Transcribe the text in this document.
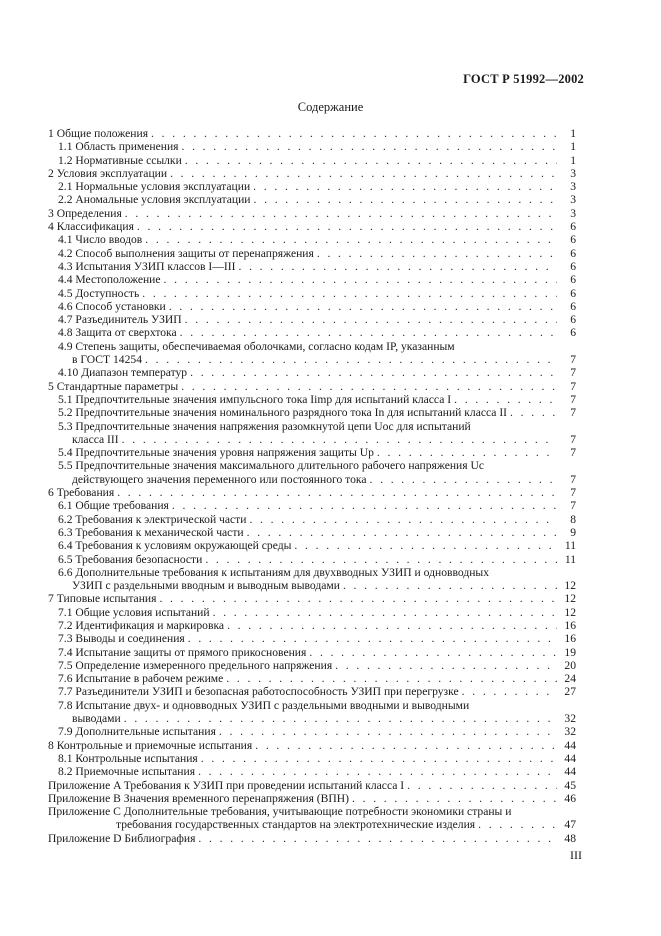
ГОСТ Р 51992—2002
Содержание
1 Общие положения . . .	1
1.1 Область применения . . .	1
1.2 Нормативные ссылки . . .	1
2 Условия эксплуатации . . .	3
2.1 Нормальные условия эксплуатации . . .	3
2.2 Аномальные условия эксплуатации . . .	3
3 Определения . . .	3
4 Классификация . . .	6
4.1 Число вводов . . .	6
4.2 Способ выполнения защиты от перенапряжения . . .	6
4.3 Испытания УЗИП классов I—III . . .	6
4.4 Местоположение . . .	6
4.5 Доступность . . .	6
4.6 Способ установки . . .	6
4.7 Разъединитель УЗИП . . .	6
4.8 Защита от сверхтока . . .	6
4.9 Степень защиты, обеспечиваемая оболочками, согласно кодам IP, указанным
в ГОСТ 14254 . . .	7
4.10 Диапазон температур . . .	7
5 Стандартные параметры . . .	7
5.1 Предпочтительные значения импульсного тока Iimp для испытаний класса I . . .	7
5.2 Предпочтительные значения номинального разрядного тока In для испытаний класса II . . .	7
5.3 Предпочтительные значения напряжения разомкнутой цепи Uoc для испытаний
класса III . . .	7
5.4 Предпочтительные значения уровня напряжения защиты Up . . .	7
5.5 Предпочтительные значения максимального длительного рабочего напряжения Uc
действующего значения переменного или постоянного тока . . .	7
6 Требования . . .	7
6.1 Общие требования . . .	7
6.2 Требования к электрической части . . .	8
6.3 Требования к механической части . . .	9
6.4 Требования к условиям окружающей среды . . .	11
6.5 Требования безопасности . . .	11
6.6 Дополнительные требования к испытаниям для двухвводных УЗИП и одновводных
УЗИП с раздельными вводным и выводным выводами . . .	12
7 Типовые испытания . . .	12
7.1 Общие условия испытаний . . .	12
7.2 Идентификация и маркировка . . .	16
7.3 Выводы и соединения . . .	16
7.4 Испытание защиты от прямого прикосновения . . .	19
7.5 Определение измеренного предельного напряжения . . .	20
7.6 Испытание в рабочем режиме . . .	24
7.7 Разъединители УЗИП и безопасная работоспособность УЗИП при перегрузке . . .	27
7.8 Испытание двух- и одновводных УЗИП с раздельными вводными и выводными
выводами . . .	32
7.9 Дополнительные испытания . . .	32
8 Контрольные и приемочные испытания . . .	44
8.1 Контрольные испытания . . .	44
8.2 Приемочные испытания . . .	44
Приложение A Требования к УЗИП при проведении испытаний класса I . . .	45
Приложение B Значения временного перенапряжения (ВПН) . . .	46
Приложение C Дополнительные требования, учитывающие потребности экономики страны и
требования государственных стандартов на электротехнические изделия . . .	47
Приложение D Библиография . . .	48
III
